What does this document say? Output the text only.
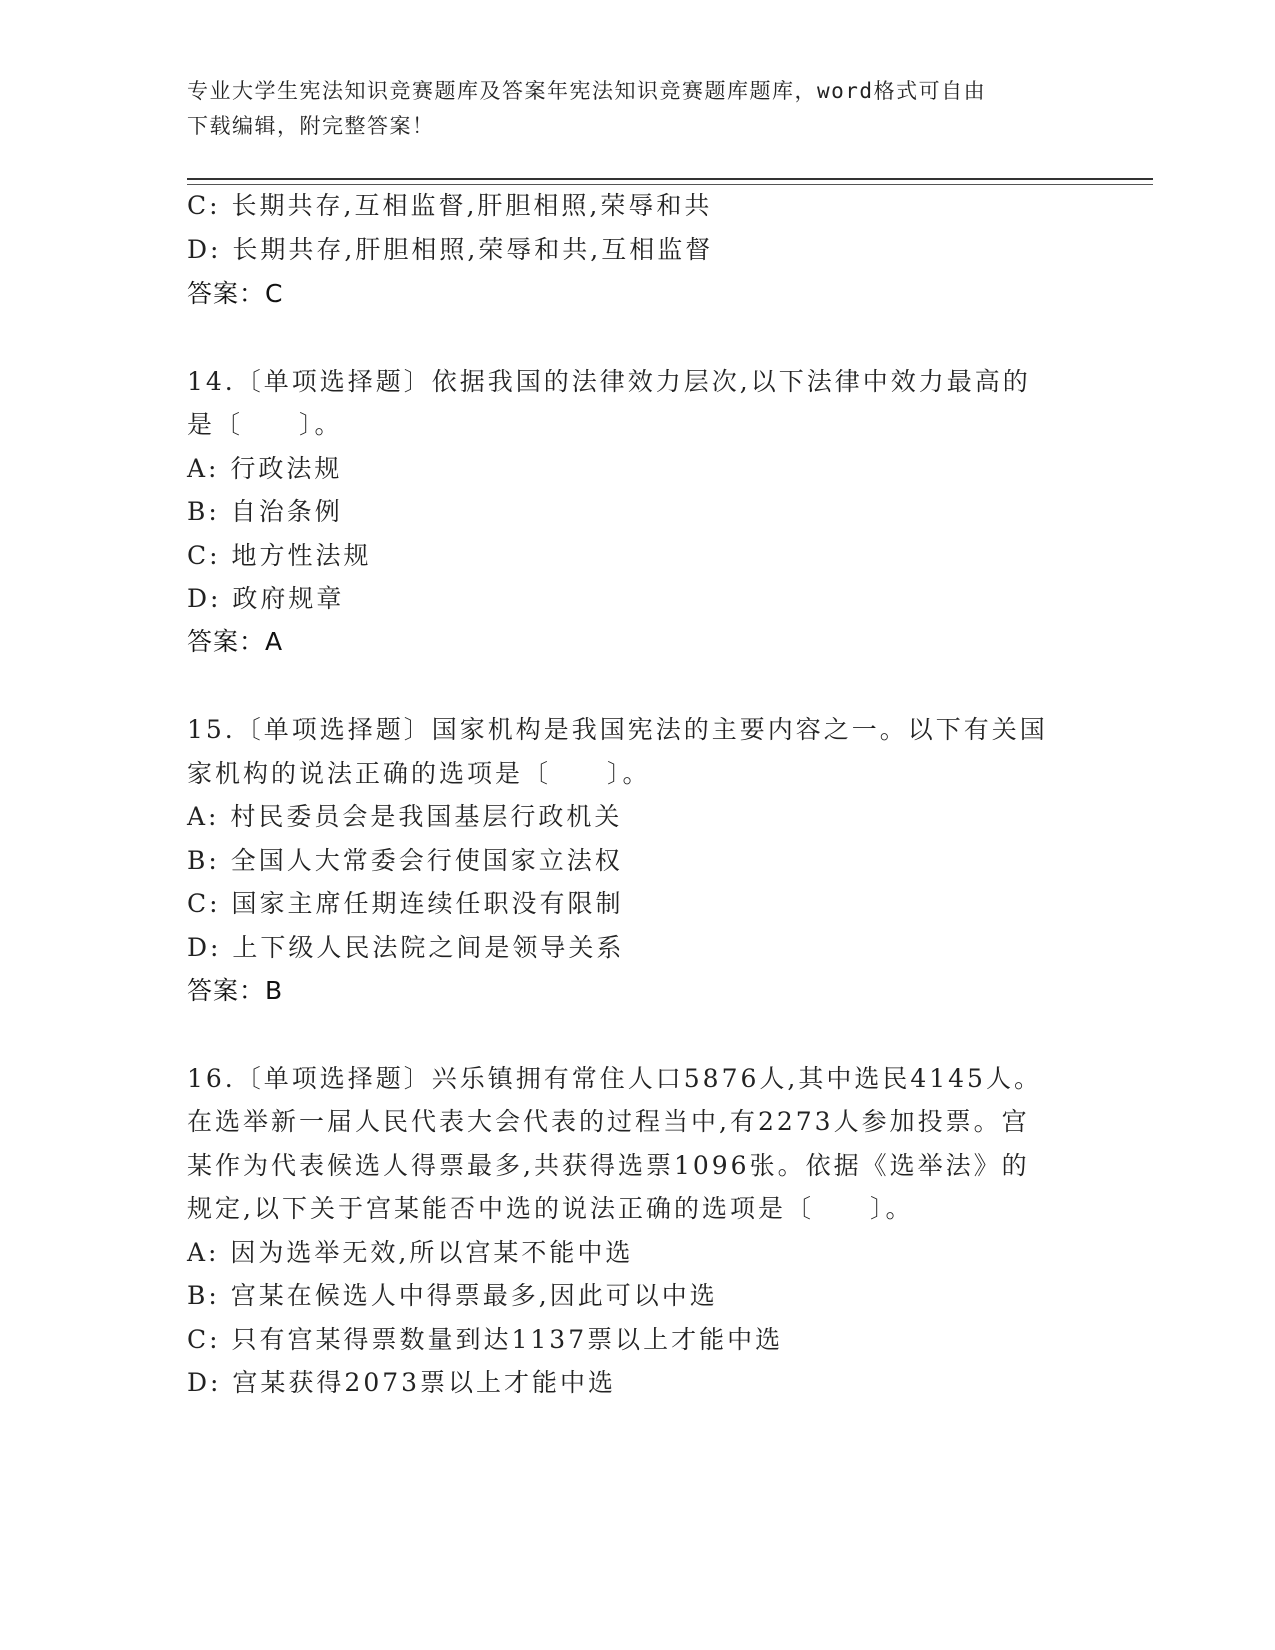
专业大学生宪法知识竞赛题库及答案年宪法知识竞赛题库题库，word格式可自由
下载编辑，附完整答案！
C: 长期共存,互相监督,肝胆相照,荣辱和共
D: 长期共存,肝胆相照,荣辱和共,互相监督
答案：C
14.〔单项选择题〕依据我国的法律效力层次,以下法律中效力最高的
是〔　　〕。
A: 行政法规
B: 自治条例
C: 地方性法规
D: 政府规章
答案：A
15.〔单项选择题〕国家机构是我国宪法的主要内容之一。以下有关国
家机构的说法正确的选项是〔　　〕。
A: 村民委员会是我国基层行政机关
B: 全国人大常委会行使国家立法权
C: 国家主席任期连续任职没有限制
D: 上下级人民法院之间是领导关系
答案：B
16.〔单项选择题〕兴乐镇拥有常住人口5876人,其中选民4145人。
在选举新一届人民代表大会代表的过程当中,有2273人参加投票。宫
某作为代表候选人得票最多,共获得选票1096张。依据《选举法》的
规定,以下关于宫某能否中选的说法正确的选项是〔　　〕。
A: 因为选举无效,所以宫某不能中选
B: 宫某在候选人中得票最多,因此可以中选
C: 只有宫某得票数量到达1137票以上才能中选
D: 宫某获得2073票以上才能中选
